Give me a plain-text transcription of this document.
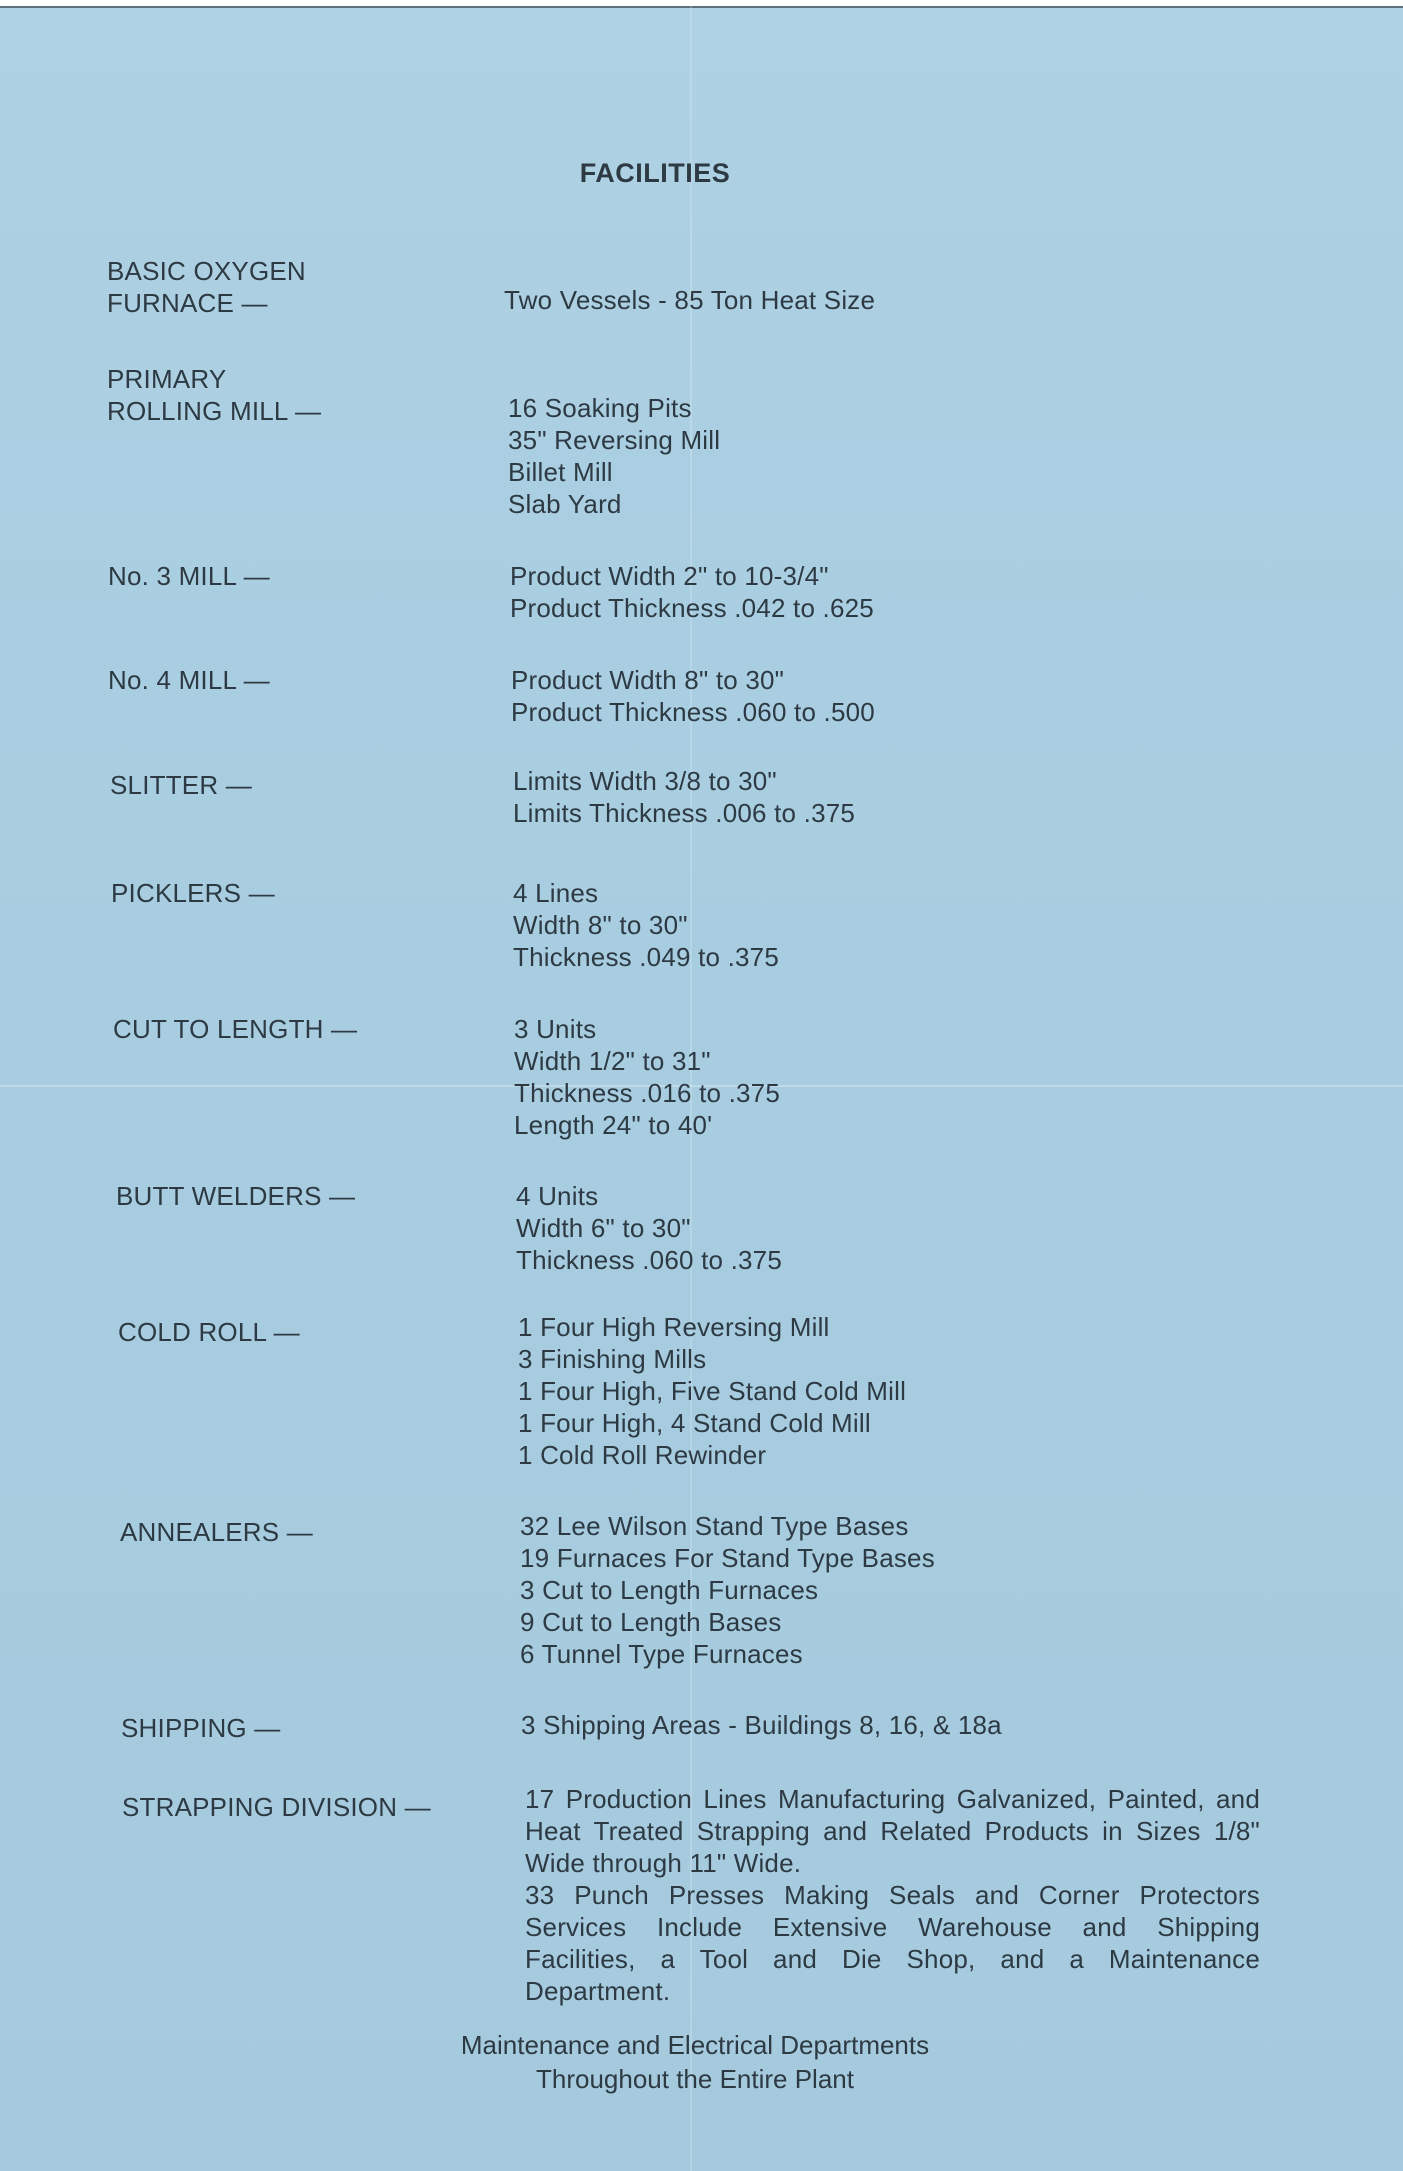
FACILITIES
BASIC OXYGEN
FURNACE —	Two Vessels - 85 Ton Heat Size
PRIMARY
ROLLING MILL —	16 Soaking Pits
35" Reversing Mill
Billet Mill
Slab Yard
No. 3 MILL —	Product Width 2" to 10-3/4"
Product Thickness .042 to .625
No. 4 MILL —	Product Width 8" to 30"
Product Thickness .060 to .500
SLITTER —	Limits Width 3/8 to 30"
Limits Thickness .006 to .375
PICKLERS —	4 Lines
Width 8" to 30"
Thickness .049 to .375
CUT TO LENGTH —	3 Units
Width 1/2" to 31"
Thickness .016 to .375
Length 24" to 40'
BUTT WELDERS —	4 Units
Width 6" to 30"
Thickness .060 to .375
COLD ROLL —	1 Four High Reversing Mill
3 Finishing Mills
1 Four High, Five Stand Cold Mill
1 Four High, 4 Stand Cold Mill
1 Cold Roll Rewinder
ANNEALERS —	32 Lee Wilson Stand Type Bases
19 Furnaces For Stand Type Bases
3 Cut to Length Furnaces
9 Cut to Length Bases
6 Tunnel Type Furnaces
SHIPPING —	3 Shipping Areas - Buildings 8, 16, & 18a
STRAPPING DIVISION —	17 Production Lines Manufacturing Galvanized, Painted, and Heat Treated Strapping and Related Products in Sizes 1/8" Wide through 11" Wide.
33 Punch Presses Making Seals and Corner Protectors Services Include Extensive Warehouse and Shipping Facilities, a Tool and Die Shop, and a Maintenance Department.
Maintenance and Electrical Departments
Throughout the Entire Plant
